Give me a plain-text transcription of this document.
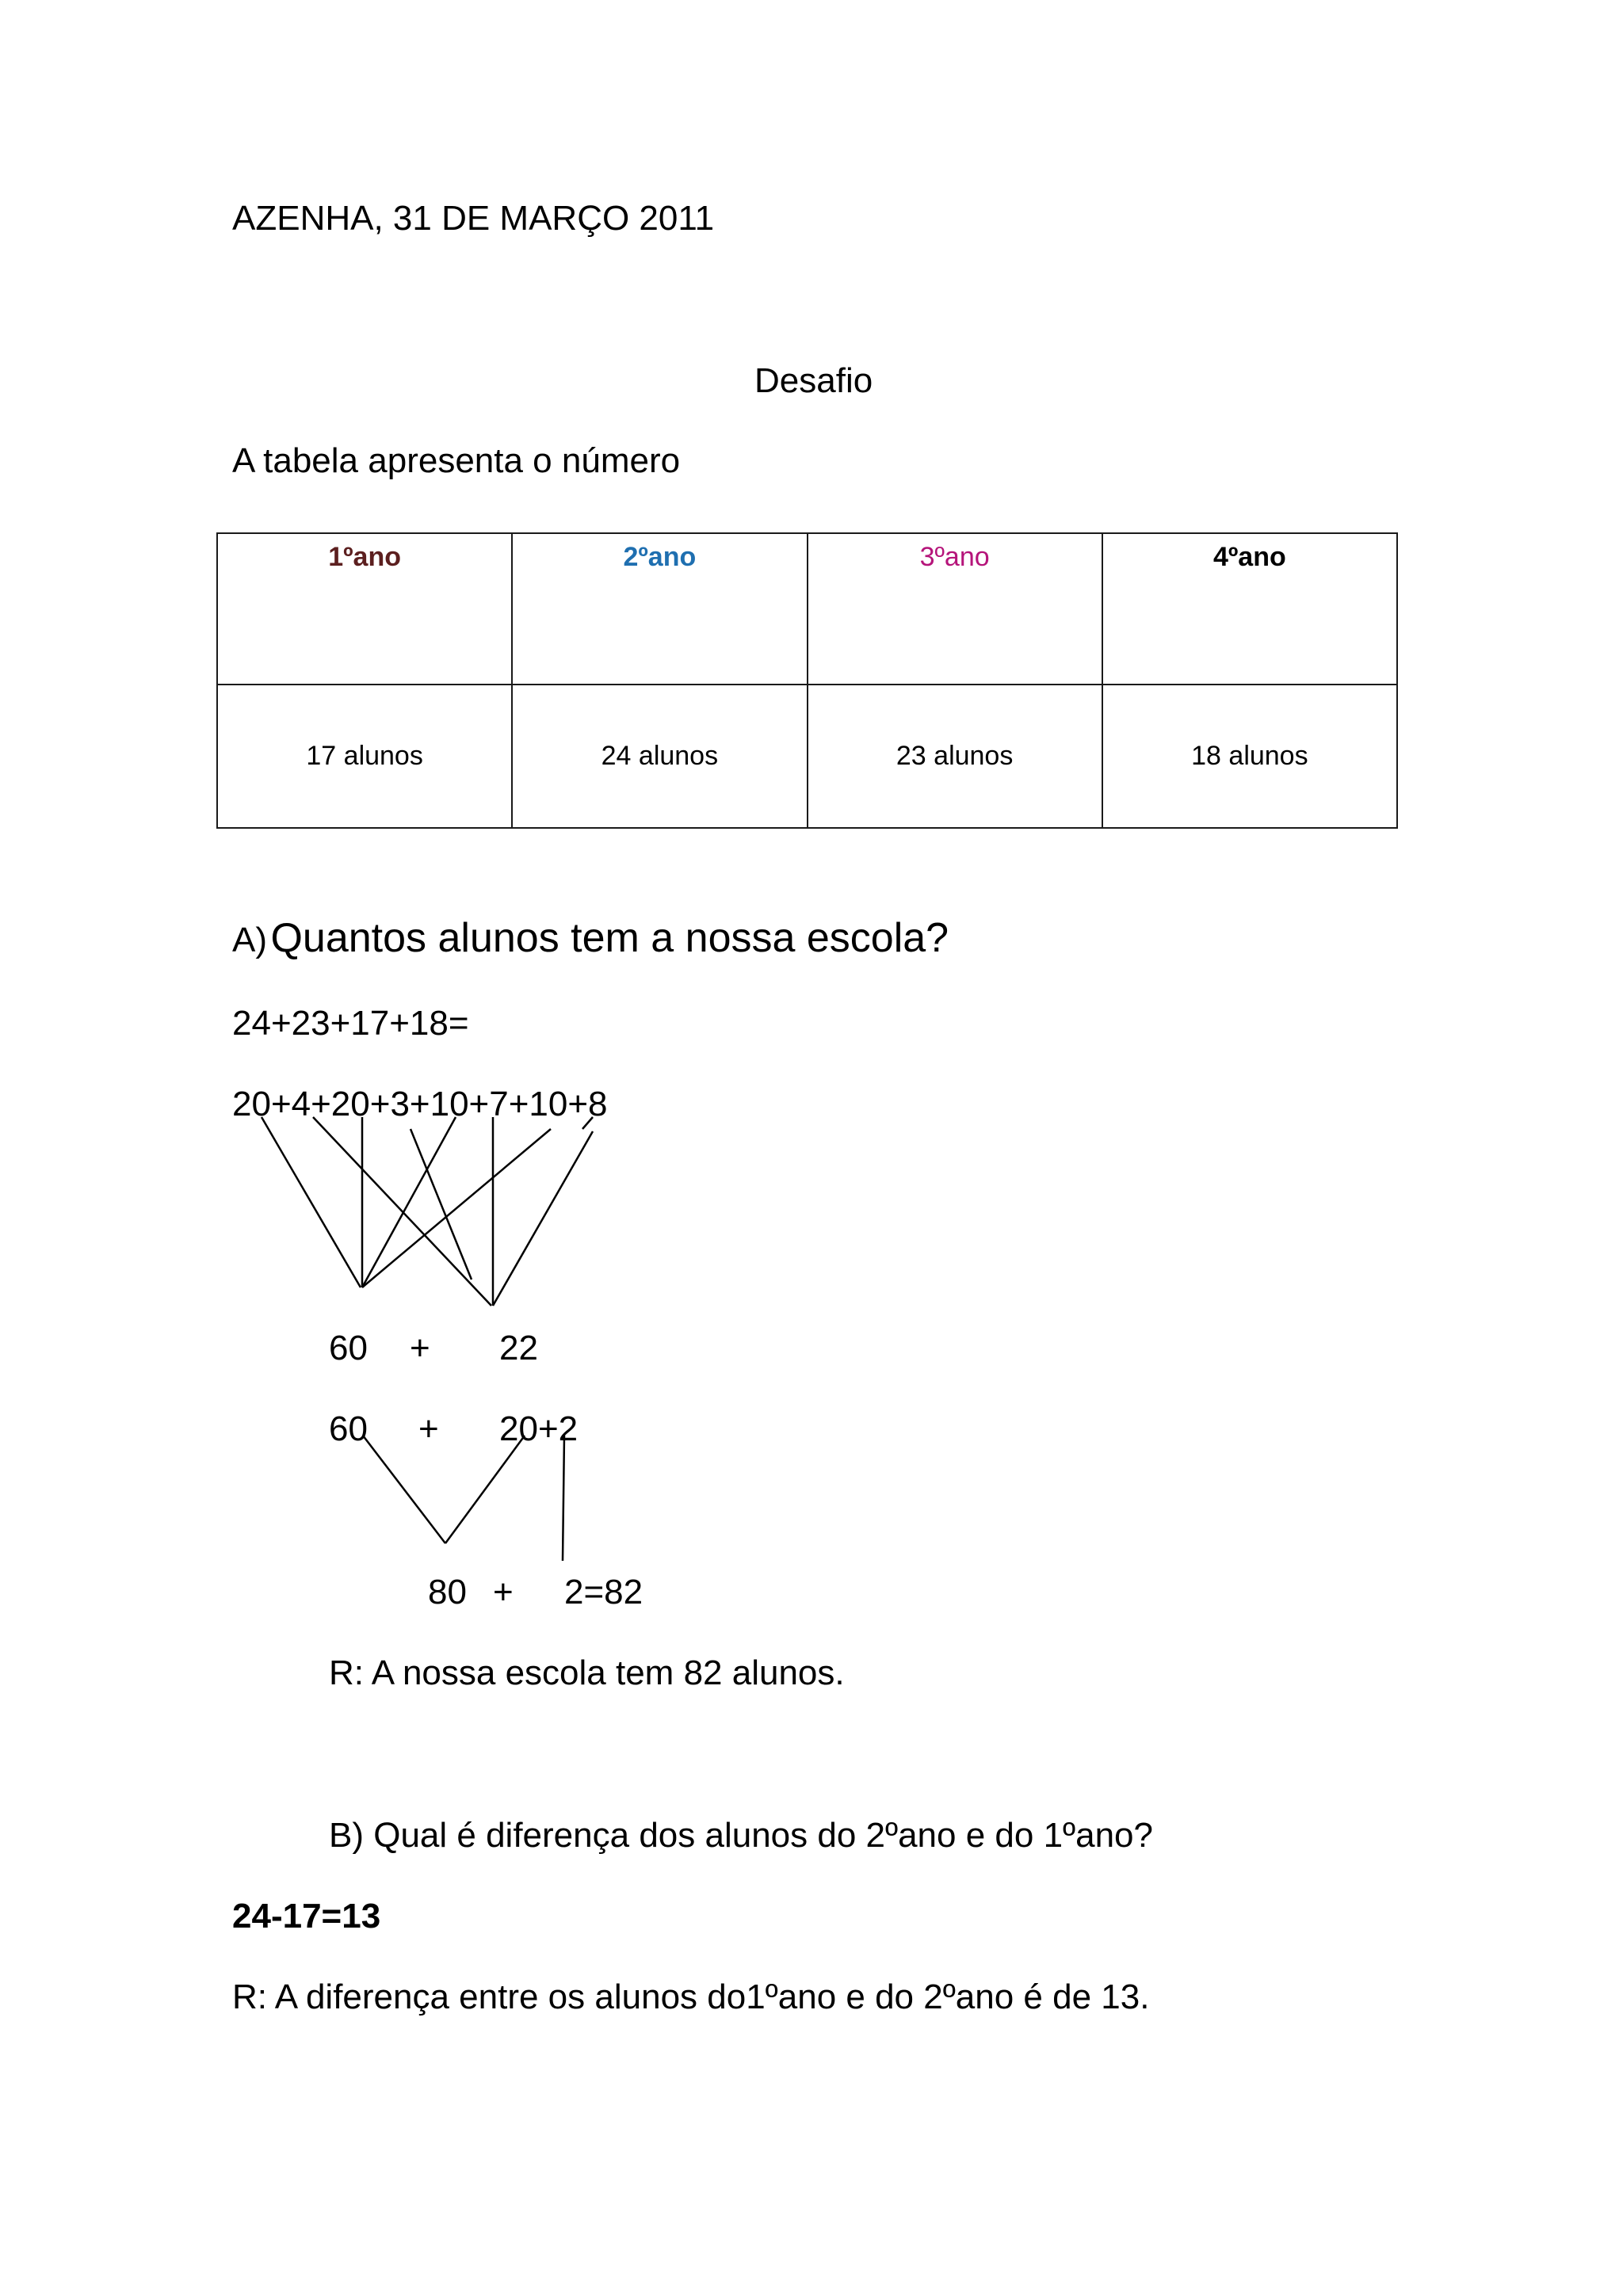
AZENHA, 31 DE MARÇO 2011
Desafio
A tabela apresenta o número
1ºano	2ºano	3ºano	4ºano
17 alunos	24 alunos	23 alunos	18 alunos
A) Quantos alunos tem a nossa escola?
24+23+17+18=
20+4+20+3+10+7+10+8
60 + 22
60 + 20+2
80 + 2=82
R: A nossa escola tem 82 alunos.
B) Qual é diferença dos alunos do 2ºano e do 1ºano?
24-17=13
R: A diferença entre os alunos do1ºano e do 2ºano é de 13.
